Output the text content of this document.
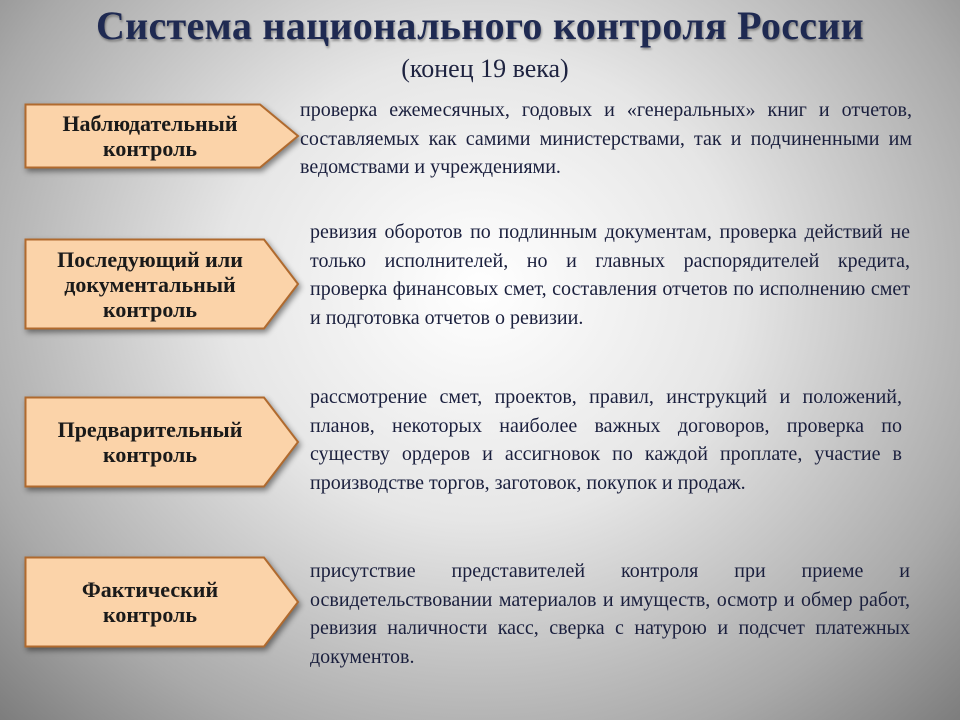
Система национального контроля России
(конец 19 века)
Наблюдательный
контроль
проверка ежемесячных, годовых и «генеральных» книг и отчетов, составляемых как самими министерствами, так и подчиненными им ведомствами и учреждениями.
Последующий или
документальный
контроль
ревизия оборотов по подлинным документам, проверка действий не только исполнителей, но и главных распорядителей кредита, проверка финансовых смет, составления отчетов по исполнению смет и подготовка отчетов о ревизии.
Предварительный
контроль
рассмотрение смет, проектов, правил, инструкций и положений, планов, некоторых наиболее важных договоров, проверка по существу ордеров и ассигновок по каждой проплате, участие в производстве торгов, заготовок, покупок и продаж.
Фактический
контроль
присутствие представителей контроля при приеме и освидетельствовании материалов и имуществ, осмотр и обмер работ, ревизия наличности касс, сверка с натурою и подсчет платежных документов.
